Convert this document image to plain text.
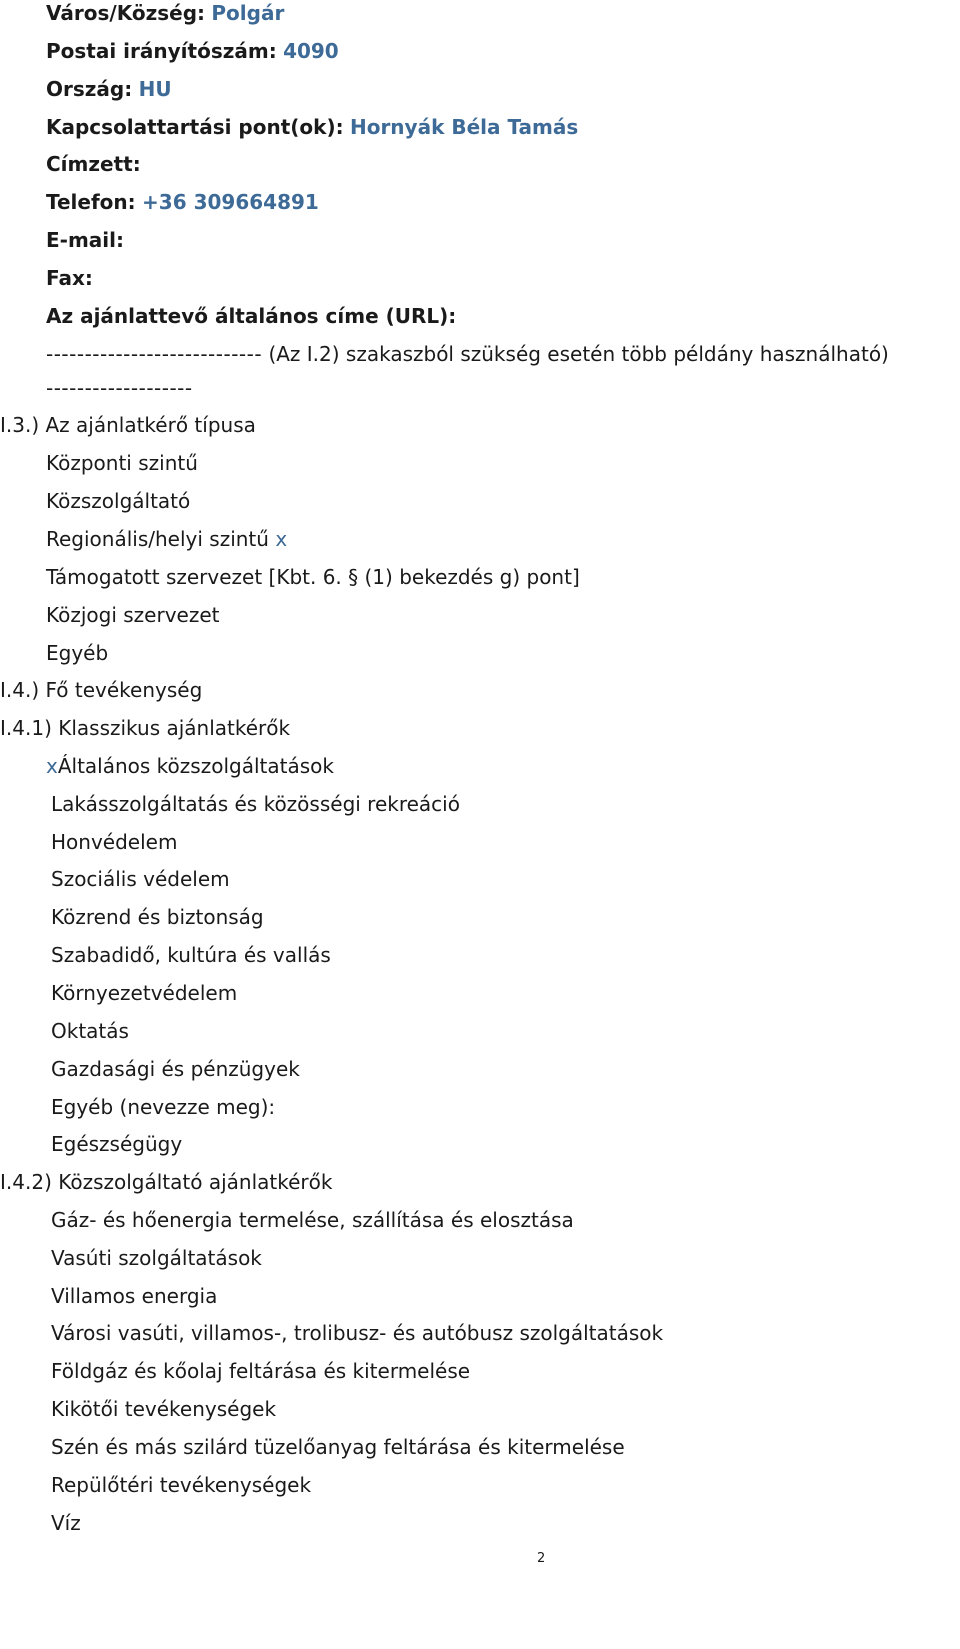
Város/Község: Polgár
Postai irányítószám: 4090
Ország: HU
Kapcsolattartási pont(ok): Hornyák Béla Tamás
Címzett:
Telefon: +36 309664891
E-mail:
Fax:
Az ajánlattevő általános címe (URL):
---------------------------- (Az I.2) szakaszból szükség esetén több példány használható)
-------------------
I.3.) Az ajánlatkérő típusa
Központi szintű
Közszolgáltató
Regionális/helyi szintű x
Támogatott szervezet [Kbt. 6. § (1) bekezdés g) pont]
Közjogi szervezet
Egyéb
I.4.) Fő tevékenység
I.4.1) Klasszikus ajánlatkérők
xÁltalános közszolgáltatások
Lakásszolgáltatás és közösségi rekreáció
Honvédelem
Szociális védelem
Közrend és biztonság
Szabadidő, kultúra és vallás
Környezetvédelem
Oktatás
Gazdasági és pénzügyek
Egyéb (nevezze meg):
Egészségügy
I.4.2) Közszolgáltató ajánlatkérők
Gáz- és hőenergia termelése, szállítása és elosztása
Vasúti szolgáltatások
Villamos energia
Városi vasúti, villamos-, trolibusz- és autóbusz szolgáltatások
Földgáz és kőolaj feltárása és kitermelése
Kikötői tevékenységek
Szén és más szilárd tüzelőanyag feltárása és kitermelése
Repülőtéri tevékenységek
Víz
2
